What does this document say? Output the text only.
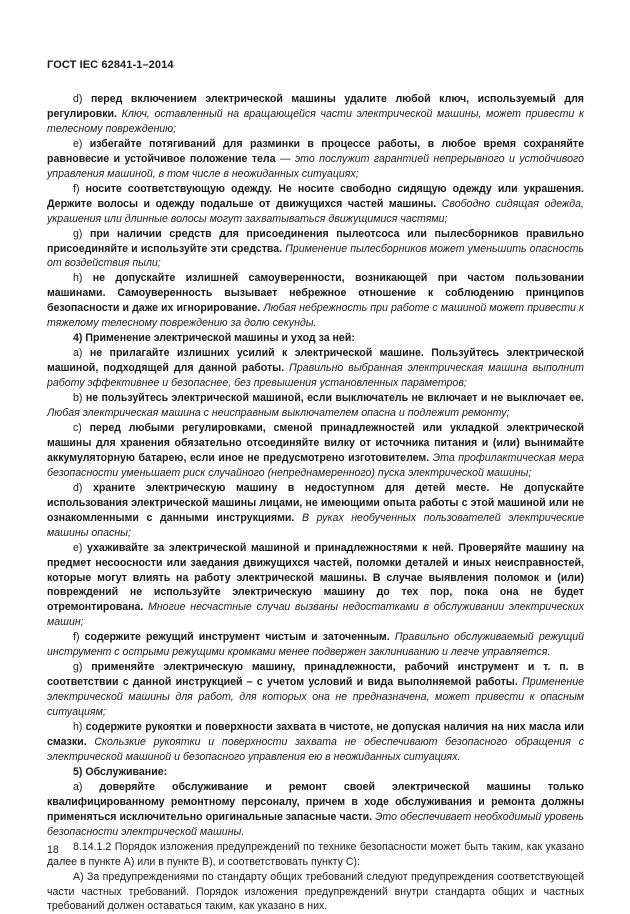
ГОСТ IEC 62841-1–2014

d) перед включением электрической машины удалите любой ключ, используемый для регулировки. Ключ, оставленный на вращающейся части электрической машины, может привести к телесному повреждению;

e) избегайте потягиваний для разминки в процессе работы, в любое время сохраняйте равновесие и устойчивое положение тела — это послужит гарантией непрерывного и устойчивого управления машиной, в том числе в неожиданных ситуациях;

f) носите соответствующую одежду. Не носите свободно сидящую одежду или украшения. Держите волосы и одежду подальше от движущихся частей машины. Свободно сидящая одежда, украшения или длинные волосы могут захватываться движущимися частями;

g) при наличии средств для присоединения пылеотсоса или пылесборников правильно присоединяйте и используйте эти средства. Применение пылесборников может уменьшить опасность от воздействия пыли;

h) не допускайте излишней самоуверенности, возникающей при частом пользовании машинами. Самоуверенность вызывает небрежное отношение к соблюдению принципов безопасности и даже их игнорирование. Любая небрежность при работе с машиной может привести к тяжелому телесному повреждению за долю секунды.

4) Применение электрической машины и уход за ней:

a) не прилагайте излишних усилий к электрической машине. Пользуйтесь электрической машиной, подходящей для данной работы. Правильно выбранная электрическая машина выполнит работу эффективнее и безопаснее, без превышения установленных параметров;

b) не пользуйтесь электрической машиной, если выключатель не включает и не выключает ее. Любая электрическая машина с неисправным выключателем опасна и подлежит ремонту;

c) перед любыми регулировками, сменой принадлежностей или укладкой электрической машины для хранения обязательно отсоединяйте вилку от источника питания и (или) вынимайте аккумуляторную батарею, если иное не предусмотрено изготовителем. Эта профилактическая мера безопасности уменьшает риск случайного (непреднамеренного) пуска электрической машины;

d) храните электрическую машину в недоступном для детей месте. Не допускайте использования электрической машины лицами, не имеющими опыта работы с этой машиной или не ознакомленными с данными инструкциями. В руках необученных пользователей электрические машины опасны;

e) ухаживайте за электрической машиной и принадлежностями к ней. Проверяйте машину на предмет несоосности или заедания движущихся частей, поломки деталей и иных неисправностей, которые могут влиять на работу электрической машины. В случае выявления поломок и (или) повреждений не используйте электрическую машину до тех пор, пока она не будет отремонтирована. Многие несчастные случаи вызваны недостатками в обслуживании электрических машин;

f) содержите режущий инструмент чистым и заточенным. Правильно обслуживаемый режущий инструмент с острыми режущими кромками менее подвержен заклиниванию и легче управляется.

g) применяйте электрическую машину, принадлежности, рабочий инструмент и т. п. в соответствии с данной инструкцией – с учетом условий и вида выполняемой работы. Применение электрической машины для работ, для которых она не предназначена, может привести к опасным ситуациям;

h) содержите рукоятки и поверхности захвата в чистоте, не допуская наличия на них масла или смазки. Скользкие рукоятки и поверхности захвата не обеспечивают безопасного обращения с электрической машиной и безопасного управления ею в неожиданных ситуациях.

5) Обслуживание:

a) доверяйте обслуживание и ремонт своей электрической машины только квалифицированному ремонтному персоналу, причем в ходе обслуживания и ремонта должны применяться исключительно оригинальные запасные части. Это обеспечивает необходимый уровень безопасности электрической машины.

8.14.1.2 Порядок изложения предупреждений по технике безопасности может быть таким, как указано далее в пункте A) или в пункте B), и соответствовать пункту C):

A) За предупреждениями по стандарту общих требований следуют предупреждения соответствующей части частных требований. Порядок изложения предупреждений внутри стандарта общих и частных требований должен оставаться таким, как указано в них.

18
